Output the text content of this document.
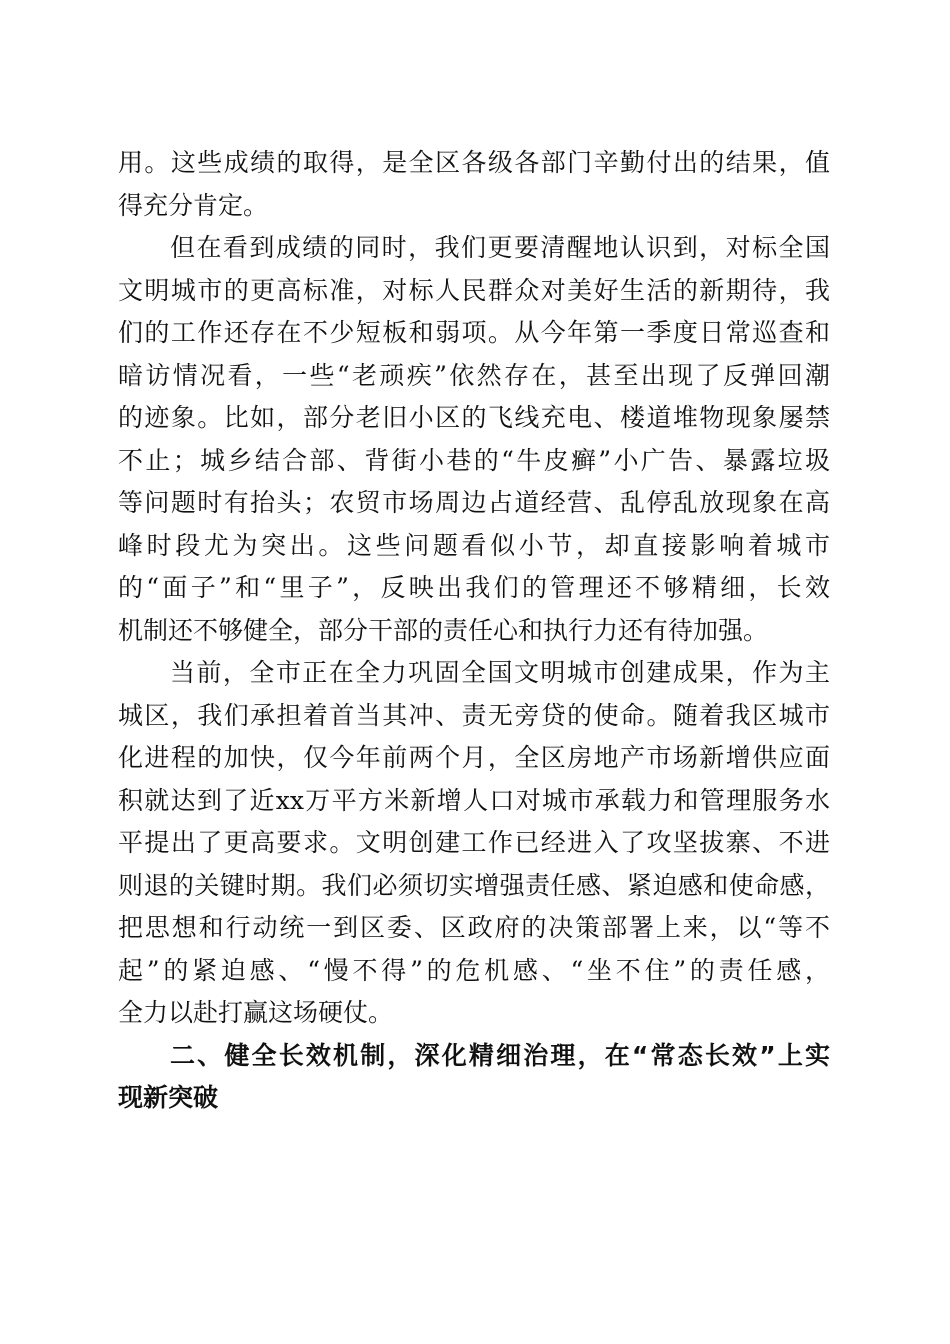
用。这些成绩的取得，是全区各级各部门辛勤付出的结果，值
得充分肯定。
但在看到成绩的同时，我们更要清醒地认识到，对标全国
文明城市的更高标准，对标人民群众对美好生活的新期待，我
们的工作还存在不少短板和弱项。从今年第一季度日常巡查和
暗访情况看，一些“老顽疾”依然存在，甚至出现了反弹回潮
的迹象。比如，部分老旧小区的飞线充电、楼道堆物现象屡禁
不止；城乡结合部、背街小巷的“牛皮癣”小广告、暴露垃圾
等问题时有抬头；农贸市场周边占道经营、乱停乱放现象在高
峰时段尤为突出。这些问题看似小节，却直接影响着城市
的“面子”和“里子”，反映出我们的管理还不够精细，长效
机制还不够健全，部分干部的责任心和执行力还有待加强。
当前，全市正在全力巩固全国文明城市创建成果，作为主
城区，我们承担着首当其冲、责无旁贷的使命。随着我区城市
化进程的加快，仅今年前两个月，全区房地产市场新增供应面
积就达到了近xx万平方米新增人口对城市承载力和管理服务水
平提出了更高要求。文明创建工作已经进入了攻坚拔寨、不进
则退的关键时期。我们必须切实增强责任感、紧迫感和使命感，
把思想和行动统一到区委、区政府的决策部署上来，以“等不
起”的紧迫感、“慢不得”的危机感、“坐不住”的责任感，
全力以赴打赢这场硬仗。
二、健全长效机制，深化精细治理，在“常态长效”上实
现新突破
